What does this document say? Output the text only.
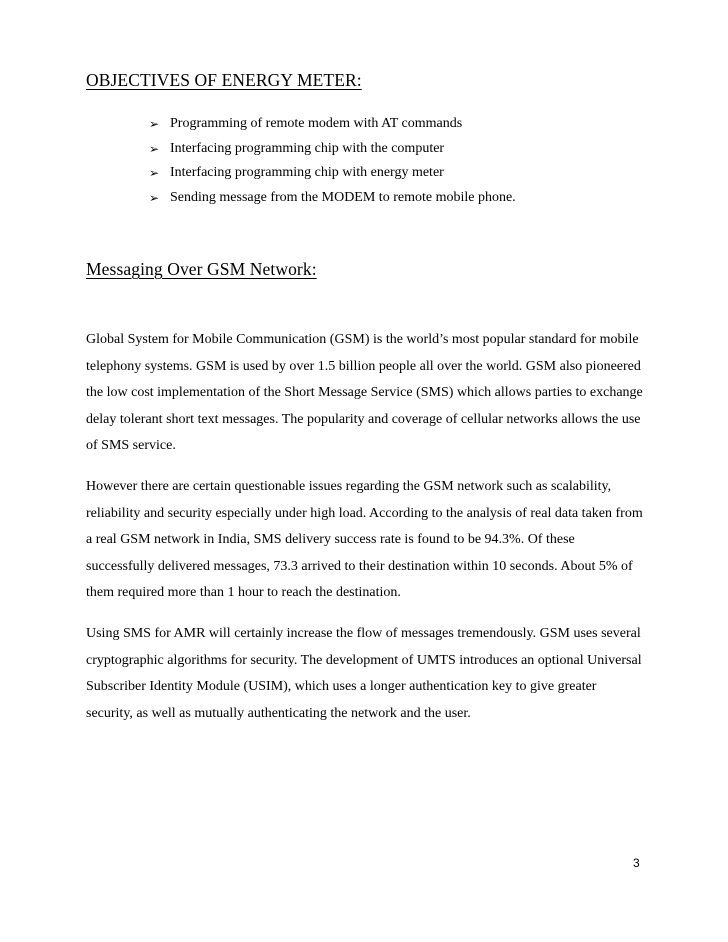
OBJECTIVES OF ENERGY METER:
➢ Programming of remote modem with AT commands
➢ Interfacing programming chip with the computer
➢ Interfacing programming chip with energy meter
➢ Sending message from the MODEM to remote mobile phone.
Messaging Over GSM Network:

Global System for Mobile Communication (GSM) is the world’s most popular standard for mobile telephony systems. GSM is used by over 1.5 billion people all over the world. GSM also pioneered the low cost implementation of the Short Message Service (SMS) which allows parties to exchange delay tolerant short text messages. The popularity and coverage of cellular networks allows the use of SMS service.

However there are certain questionable issues regarding the GSM network such as scalability, reliability and security especially under high load. According to the analysis of real data taken from a real GSM network in India, SMS delivery success rate is found to be 94.3%. Of these successfully delivered messages, 73.3 arrived to their destination within 10 seconds. About 5% of them required more than 1 hour to reach the destination.

Using SMS for AMR will certainly increase the flow of messages tremendously. GSM uses several cryptographic algorithms for security. The development of UMTS introduces an optional Universal Subscriber Identity Module (USIM), which uses a longer authentication key to give greater security, as well as mutually authenticating the network and the user.

3
